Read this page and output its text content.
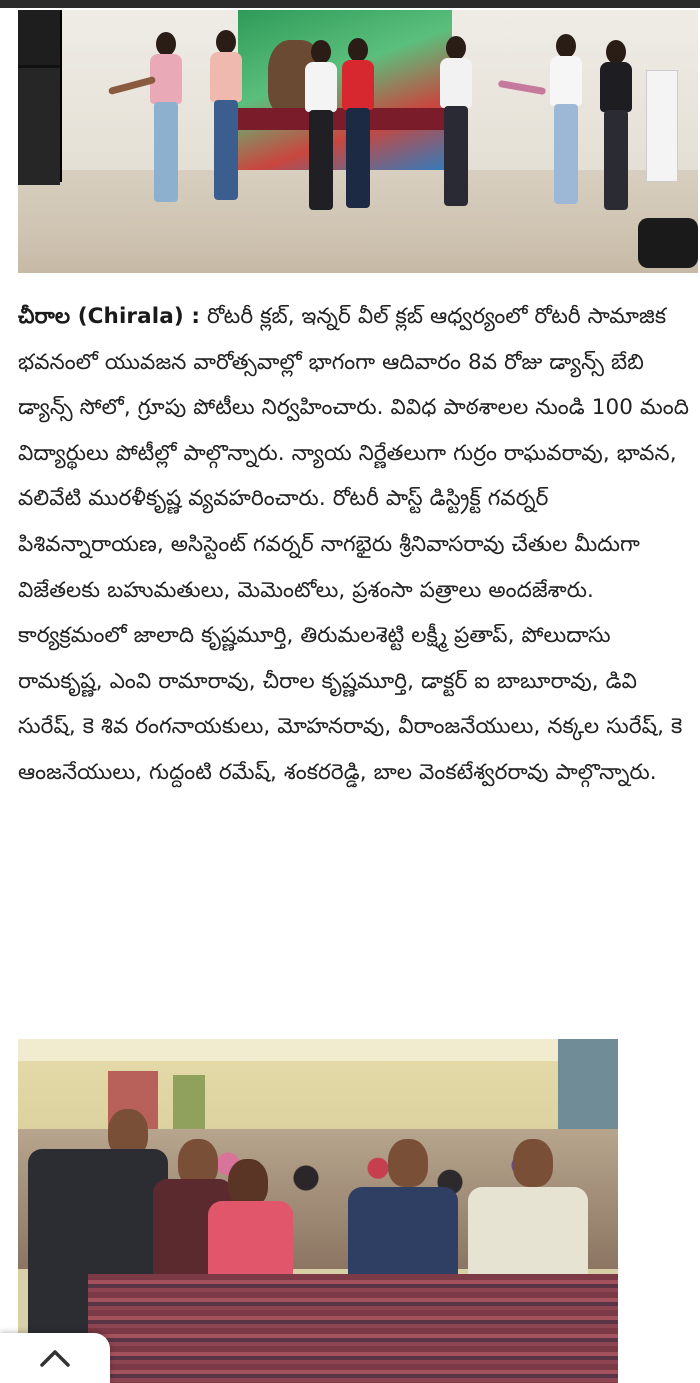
చీరాల (Chirala) : రోటరీ క్లబ్, ఇన్నర్ వీల్ క్లబ్ ఆధ్వర్యంలో రోటరీ సామాజిక భవనంలో యువజన వారోత్సవాల్లో భాగంగా ఆదివారం 8వ రోజు డ్యాన్స్ బేబి డ్యాన్స్ సోలో, గ్రూపు పోటీలు నిర్వహించారు. వివిధ పాఠశాలల నుండి 100 మంది విద్యార్థులు పోటీల్లో పాల్గొన్నారు. న్యాయ నిర్ణేతలుగా గుర్రం రాఘవరావు, భావన, వలివేటి మురళీకృష్ణ వ్యవహరించారు. రోటరీ పాస్ట్ డిస్ట్రిక్ట్ గవర్నర్ పిశివన్నారాయణ, అసిస్టెంట్ గవర్నర్ నాగభైరు శ్రీనివాసరావు చేతుల మీదుగా విజేతలకు బహుమతులు, మెమెంటోలు, ప్రశంసా పత్రాలు అందజేశారు. కార్యక్రమంలో జాలాది కృష్ణమూర్తి, తిరుమలశెట్టి లక్ష్మీ ప్రతాప్, పోలుదాసు రామకృష్ణ, ఎంవి రామారావు, చీరాల కృష్ణమూర్తి, డాక్టర్ ఐ బాబూరావు, డివి సురేష్, కె శివ రంగనాయకులు, మోహనరావు, వీరాంజనేయులు, నక్కల సురేష్, కె ఆంజనేయులు, గుద్దంటి రమేష్, శంకరరెడ్డి, బాల వెంకటేశ్వరరావు పాల్గొన్నారు.
